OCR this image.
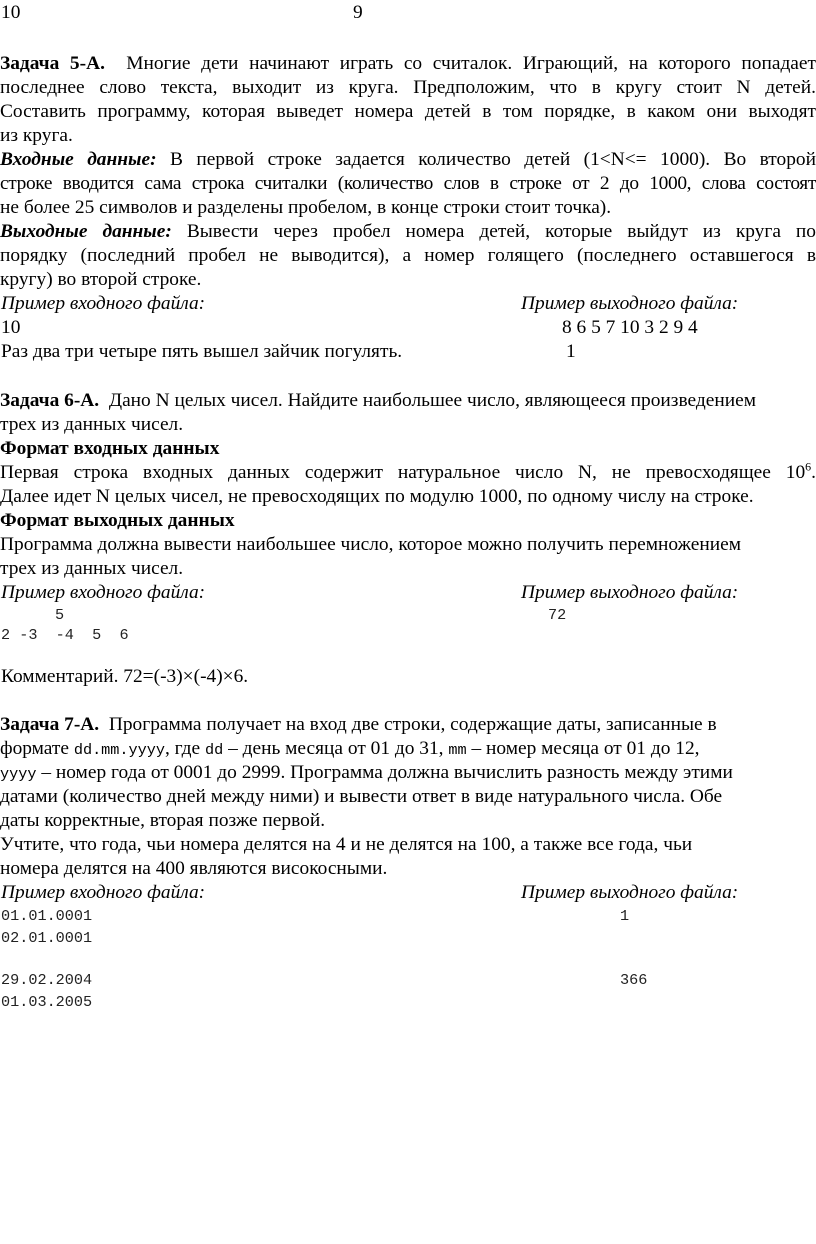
10	9
Задача 5-А. Многие дети начинают играть со считалок. Играющий, на которого попадает
последнее слово текста, выходит из круга. Предположим, что в кругу стоит N детей.
Составить программу, которая выведет номера детей в том порядке, в каком они выходят
из круга.
Входные данные: В первой строке задается количество детей (1<N<= 1000). Во второй
строке вводится сама строка считалки (количество слов в строке от 2 до 1000, слова состоят
не более 25 символов и разделены пробелом, в конце строки стоит точка).
Выходные данные: Вывести через пробел номера детей, которые выйдут из круга по
порядку (последний пробел не выводится), а номер голящего (последнего оставшегося в
кругу) во второй строке.
Пример входного файла:	Пример выходного файла:
10	8 6 5 7 10 3 2 9 4
Раз два три четыре пять вышел зайчик погулять.	1
Задача 6-А. Дано N целых чисел. Найдите наибольшее число, являющееся произведением
трех из данных чисел.
Формат входных данных
Первая строка входных данных содержит натуральное число N, не превосходящее $10^6$.
Далее идет N целых чисел, не превосходящих по модулю 1000, по одному числу на строке.
Формат выходных данных
Программа должна вывести наибольшее число, которое можно получить перемножением
трех из данных чисел.
Пример входного файла:	Пример выходного файла:
5	72
2 -3  -4  5  6
Комментарий. 72=(-3)×(-4)×6.
Задача 7-А. Программа получает на вход две строки, содержащие даты, записанные в
формате dd.mm.yyyy, где dd – день месяца от 01 до 31, mm – номер месяца от 01 до 12,
yyyy – номер года от 0001 до 2999. Программа должна вычислить разность между этими
датами (количество дней между ними) и вывести ответ в виде натурального числа. Обе
даты корректные, вторая позже первой.
Учтите, что года, чьи номера делятся на 4 и не делятся на 100, а также все года, чьи
номера делятся на 400 являются високосными.
Пример входного файла:	Пример выходного файла:
01.01.0001	1
02.01.0001
29.02.2004	366
01.03.2005
